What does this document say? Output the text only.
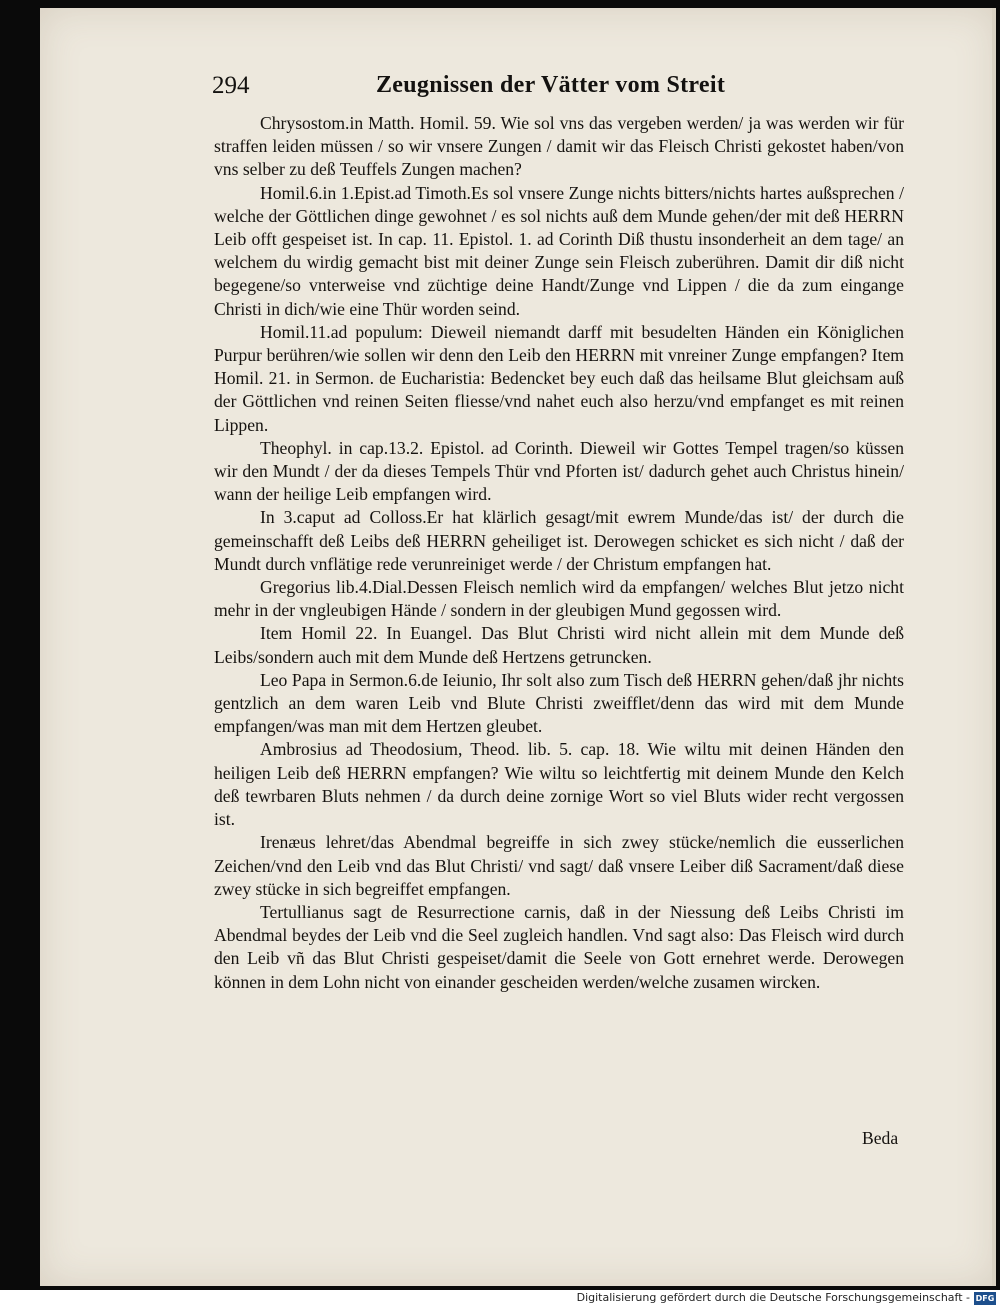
294	Zeugnissen der Vätter vom Streit

Chrysostom.in Matth. Homil. 59. Wie sol vns das vergeben werden/ ja was werden wir für straffen leiden müssen / so wir vnsere Zungen / damit wir das Fleisch Christi gekostet haben/von vns selber zu deß Teuffels Zungen machen?

Homil.6.in 1.Epist.ad Timoth.Es sol vnsere Zunge nichts bitters/nichts hartes außsprechen / welche der Göttlichen dinge gewohnet / es sol nichts auß dem Munde gehen/der mit deß HERRN Leib offt gespeiset ist. In cap. 11. Epistol. 1. ad Corinth Diß thustu insonderheit an dem tage/ an welchem du wirdig gemacht bist mit deiner Zunge sein Fleisch zuberühren. Damit dir diß nicht begegene/so vnterweise vnd züchtige deine Handt/Zunge vnd Lippen / die da zum eingange Christi in dich/wie eine Thür worden seind.

Homil.11.ad populum: Dieweil niemandt darff mit besudelten Händen ein Königlichen Purpur berühren/wie sollen wir denn den Leib den HERRN mit vnreiner Zunge empfangen? Item Homil. 21. in Sermon. de Eucharistia: Bedencket bey euch daß das heilsame Blut gleichsam auß der Göttlichen vnd reinen Seiten fliesse/vnd nahet euch also herzu/vnd empfanget es mit reinen Lippen.

Theophyl. in cap.13.2. Epistol. ad Corinth. Dieweil wir Gottes Tempel tragen/so küssen wir den Mundt / der da dieses Tempels Thür vnd Pforten ist/ dadurch gehet auch Christus hinein/ wann der heilige Leib empfangen wird.

In 3.caput ad Colloss.Er hat klärlich gesagt/mit ewrem Munde/das ist/ der durch die gemeinschafft deß Leibs deß HERRN geheiliget ist. Derowegen schicket es sich nicht / daß der Mundt durch vnflätige rede verunreiniget werde / der Christum empfangen hat.

Gregorius lib.4.Dial.Dessen Fleisch nemlich wird da empfangen/ welches Blut jetzo nicht mehr in der vngleubigen Hände / sondern in der gleubigen Mund gegossen wird.

Item Homil 22. In Euangel. Das Blut Christi wird nicht allein mit dem Munde deß Leibs/sondern auch mit dem Munde deß Hertzens getruncken.

Leo Papa in Sermon.6.de Ieiunio, Ihr solt also zum Tisch deß HERRN gehen/daß jhr nichts gentzlich an dem waren Leib vnd Blute Christi zweifflet/denn das wird mit dem Munde empfangen/was man mit dem Hertzen gleubet.

Ambrosius ad Theodosium, Theod. lib. 5. cap. 18. Wie wiltu mit deinen Händen den heiligen Leib deß HERRN empfangen? Wie wiltu so leichtfertig mit deinem Munde den Kelch deß tewrbaren Bluts nehmen / da durch deine zornige Wort so viel Bluts wider recht vergossen ist.

Irenæus lehret/das Abendmal begreiffe in sich zwey stücke/nemlich die eusserlichen Zeichen/vnd den Leib vnd das Blut Christi/ vnd sagt/ daß vnsere Leiber diß Sacrament/daß diese zwey stücke in sich begreiffet empfangen.

Tertullianus sagt de Resurrectione carnis, daß in der Niessung deß Leibs Christi im Abendmal beydes der Leib vnd die Seel zugleich handlen. Vnd sagt also: Das Fleisch wird durch den Leib vñ das Blut Christi gespeiset/damit die Seele von Gott ernehret werde. Derowegen können in dem Lohn nicht von einander gescheiden werden/welche zusamen wircken.

Beda
Digitalisierung gefördert durch die Deutsche Forschungsgemeinschaft - DFG
